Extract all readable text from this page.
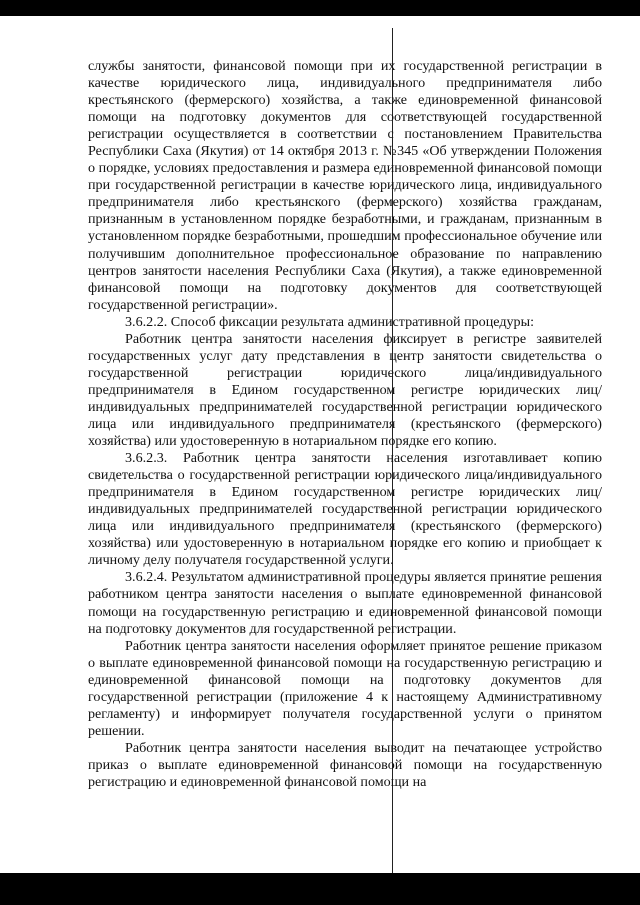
службы занятости, финансовой помощи при их государственной регистрации в качестве юридического лица, индивидуального предпринимателя либо крестьянского (фермерского) хозяйства, а также единовременной финансовой помощи на подготовку документов для соответствующей государственной регистрации осуществляется в соответствии с постановлением Правительства Республики Саха (Якутия) от 14 октября 2013 г. №345 «Об утверждении Положения о порядке, условиях предоставления и размера единовременной финансовой помощи при государственной регистрации в качестве юридического лица, индивидуального предпринимателя либо крестьянского (фермерского) хозяйства гражданам, признанным в установленном порядке безработными, и гражданам, признанным в установленном порядке безработными, прошедшим профессиональное обучение или получившим дополнительное профессиональное образование по направлению центров занятости населения Республики Саха (Якутия), а также единовременной финансовой помощи на подготовку документов для соответствующей государственной регистрации».

3.6.2.2. Способ фиксации результата административной процедуры:

Работник центра занятости населения фиксирует в регистре заявителей государственных услуг дату представления в центр занятости свидетельства о государственной регистрации юридического лица/индивидуального предпринимателя в Едином государственном регистре юридических лиц/индивидуальных предпринимателей государственной регистрации юридического лица или индивидуального предпринимателя (крестьянского (фермерского) хозяйства) или удостоверенную в нотариальном порядке его копию.

3.6.2.3. Работник центра занятости населения изготавливает копию свидетельства о государственной регистрации юридического лица/индивидуального предпринимателя в Едином государственном регистре юридических лиц/индивидуальных предпринимателей государственной регистрации юридического лица или индивидуального предпринимателя (крестьянского (фермерского) хозяйства) или удостоверенную в нотариальном порядке его копию и приобщает к личному делу получателя государственной услуги.

3.6.2.4. Результатом административной процедуры является принятие решения работником центра занятости населения о выплате единовременной финансовой помощи на государственную регистрацию и единовременной финансовой помощи на подготовку документов для государственной регистрации.

Работник центра занятости населения оформляет принятое решение приказом о выплате единовременной финансовой помощи на государственную регистрацию и единовременной финансовой помощи на подготовку документов для государственной регистрации (приложение 4 к настоящему Административному регламенту) и информирует получателя государственной услуги о принятом решении.

Работник центра занятости населения выводит на печатающее устройство приказ о выплате единовременной финансовой помощи на государственную регистрацию и единовременной финансовой помощи на
